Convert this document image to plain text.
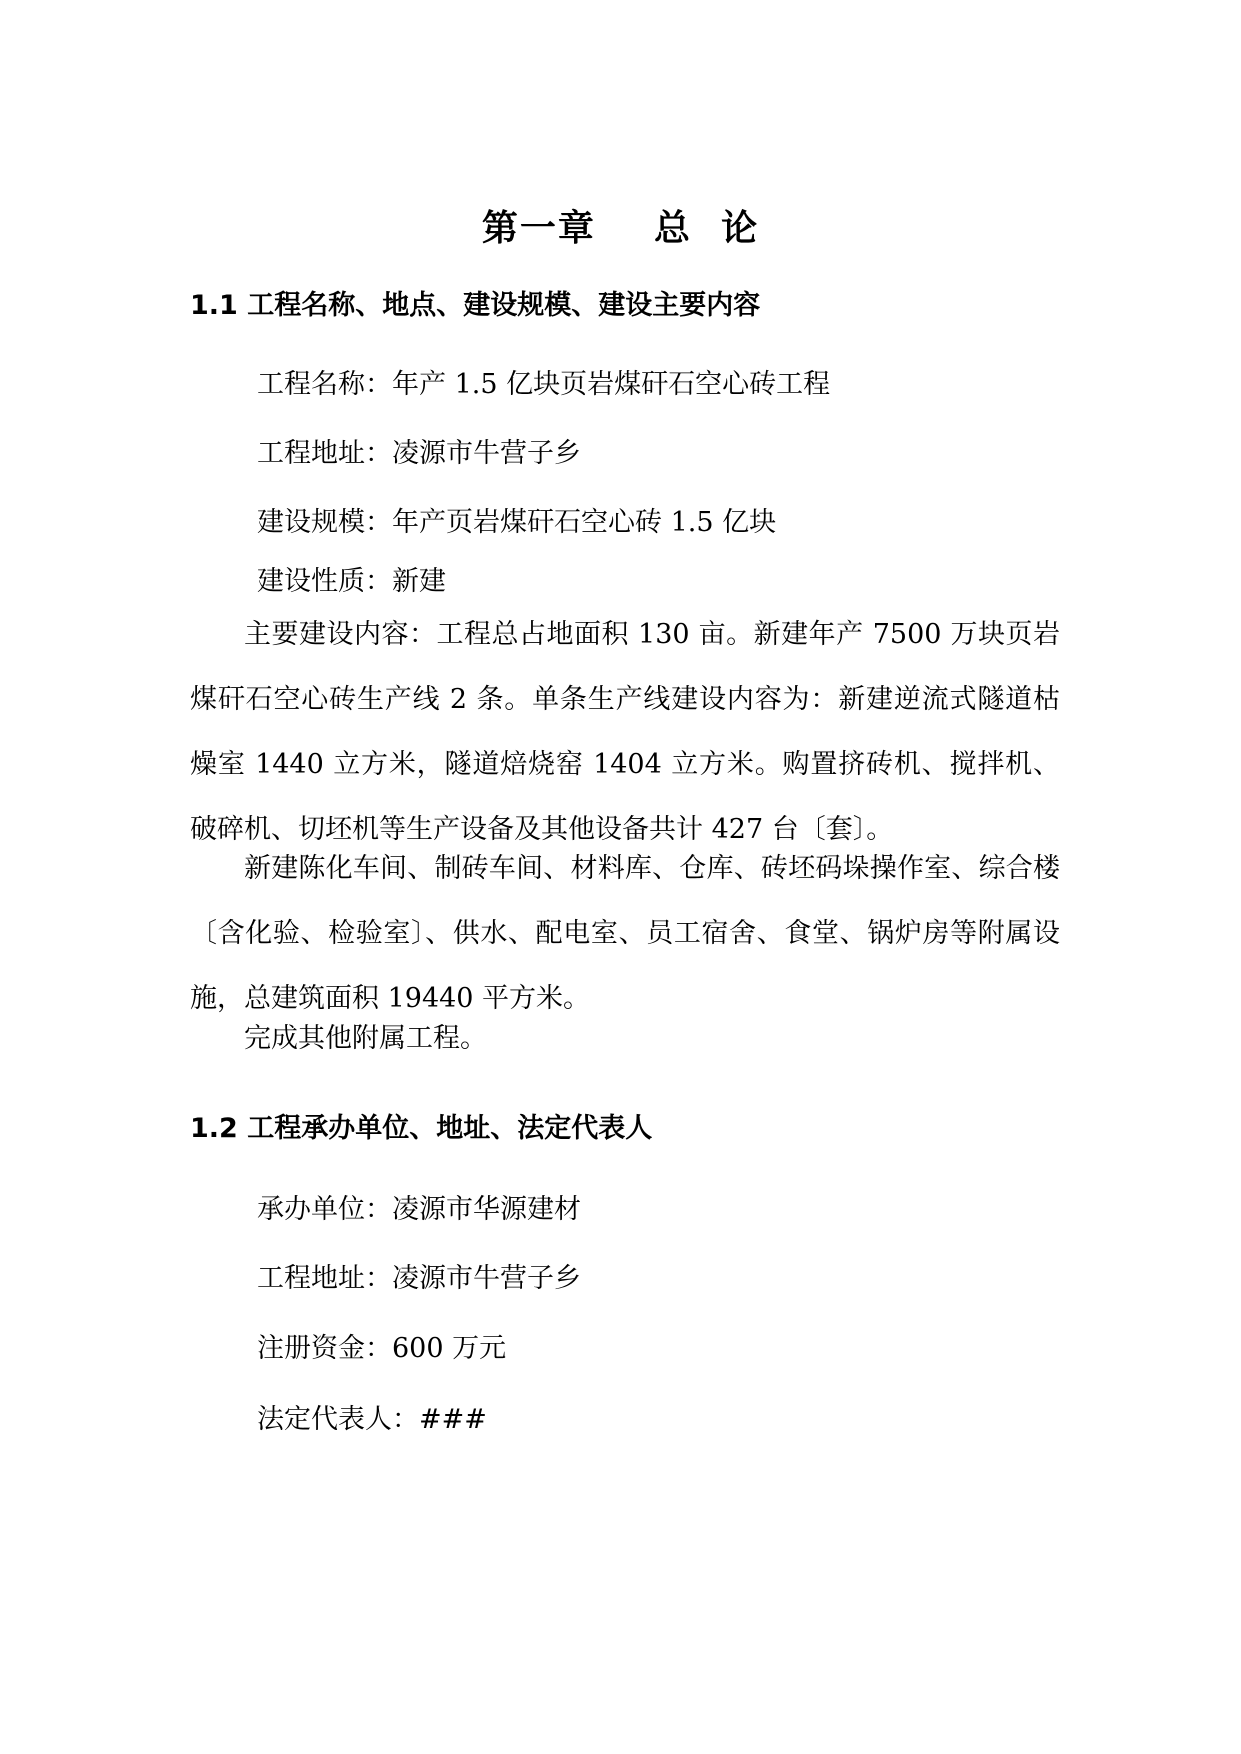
第一章    总  论
1.1 工程名称、地点、建设规模、建设主要内容
工程名称：年产 1.5 亿块页岩煤矸石空心砖工程
工程地址：凌源市牛营子乡
建设规模：年产页岩煤矸石空心砖 1.5 亿块
建设性质：新建
主要建设内容：工程总占地面积 130 亩。新建年产 7500 万块页岩煤矸石空心砖生产线 2 条。单条生产线建设内容为：新建逆流式隧道枯燥室 1440 立方米，隧道焙烧窑 1404 立方米。购置挤砖机、搅拌机、破碎机、切坯机等生产设备及其他设备共计 427 台〔套〕。
新建陈化车间、制砖车间、材料库、仓库、砖坯码垛操作室、综合楼〔含化验、检验室〕、供水、配电室、员工宿舍、食堂、锅炉房等附属设施，总建筑面积 19440 平方米。
完成其他附属工程。
1.2 工程承办单位、地址、法定代表人
承办单位：凌源市华源建材
工程地址：凌源市牛营子乡
注册资金：600 万元
法定代表人：###
